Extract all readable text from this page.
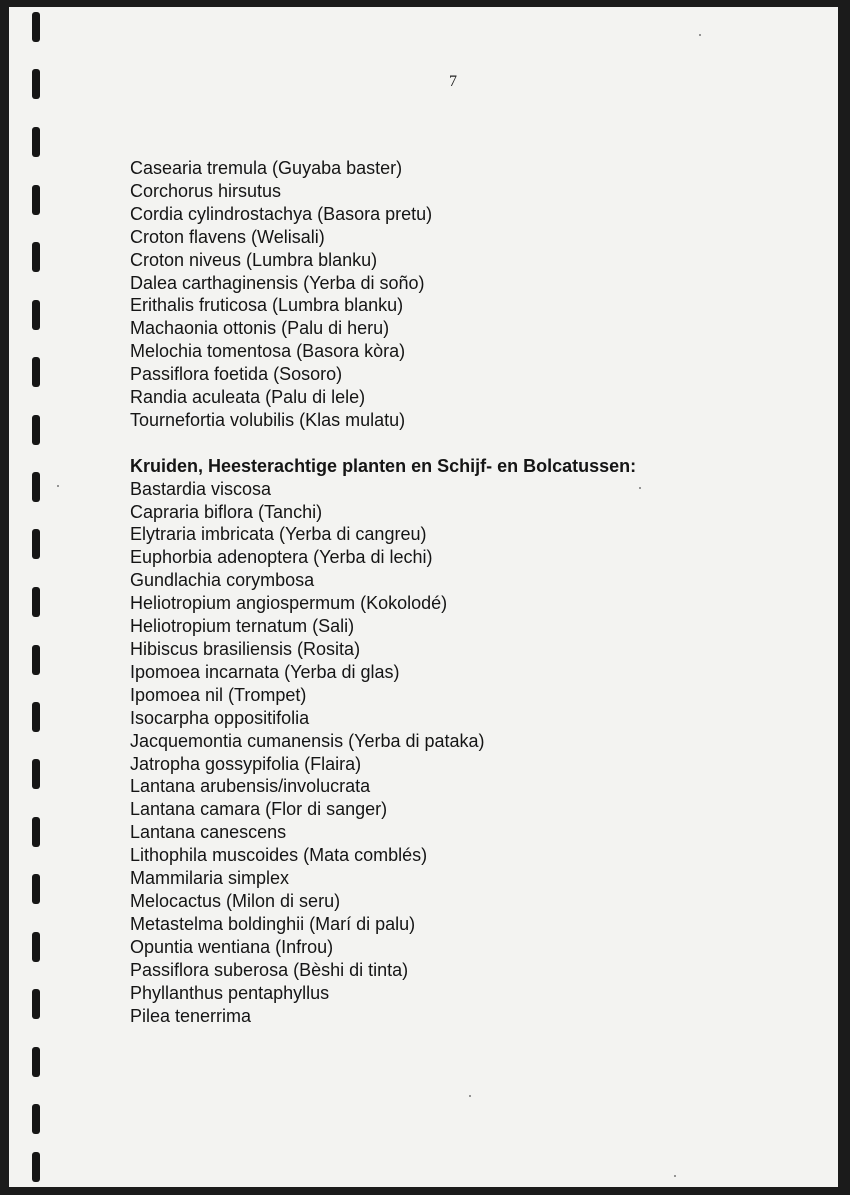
7
Casearia tremula (Guyaba baster)
Corchorus hirsutus
Cordia cylindrostachya (Basora pretu)
Croton flavens (Welisali)
Croton niveus (Lumbra blanku)
Dalea carthaginensis (Yerba di soño)
Erithalis fruticosa (Lumbra blanku)
Machaonia ottonis (Palu di heru)
Melochia tomentosa (Basora kòra)
Passiflora foetida (Sosoro)
Randia aculeata (Palu di lele)
Tournefortia volubilis (Klas mulatu)
Kruiden, Heesterachtige planten en Schijf- en Bolcatussen:
Bastardia viscosa
Capraria biflora (Tanchi)
Elytraria imbricata (Yerba di cangreu)
Euphorbia adenoptera (Yerba di lechi)
Gundlachia corymbosa
Heliotropium angiospermum (Kokolodé)
Heliotropium ternatum (Sali)
Hibiscus brasiliensis (Rosita)
Ipomoea incarnata (Yerba di glas)
Ipomoea nil (Trompet)
Isocarpha oppositifolia
Jacquemontia cumanensis (Yerba di pataka)
Jatropha gossypifolia (Flaira)
Lantana arubensis/involucrata
Lantana camara (Flor di sanger)
Lantana canescens
Lithophila muscoides (Mata comblés)
Mammilaria simplex
Melocactus (Milon di seru)
Metastelma boldinghii (Marí di palu)
Opuntia wentiana (Infrou)
Passiflora suberosa (Bèshi di tinta)
Phyllanthus pentaphyllus
Pilea tenerrima
